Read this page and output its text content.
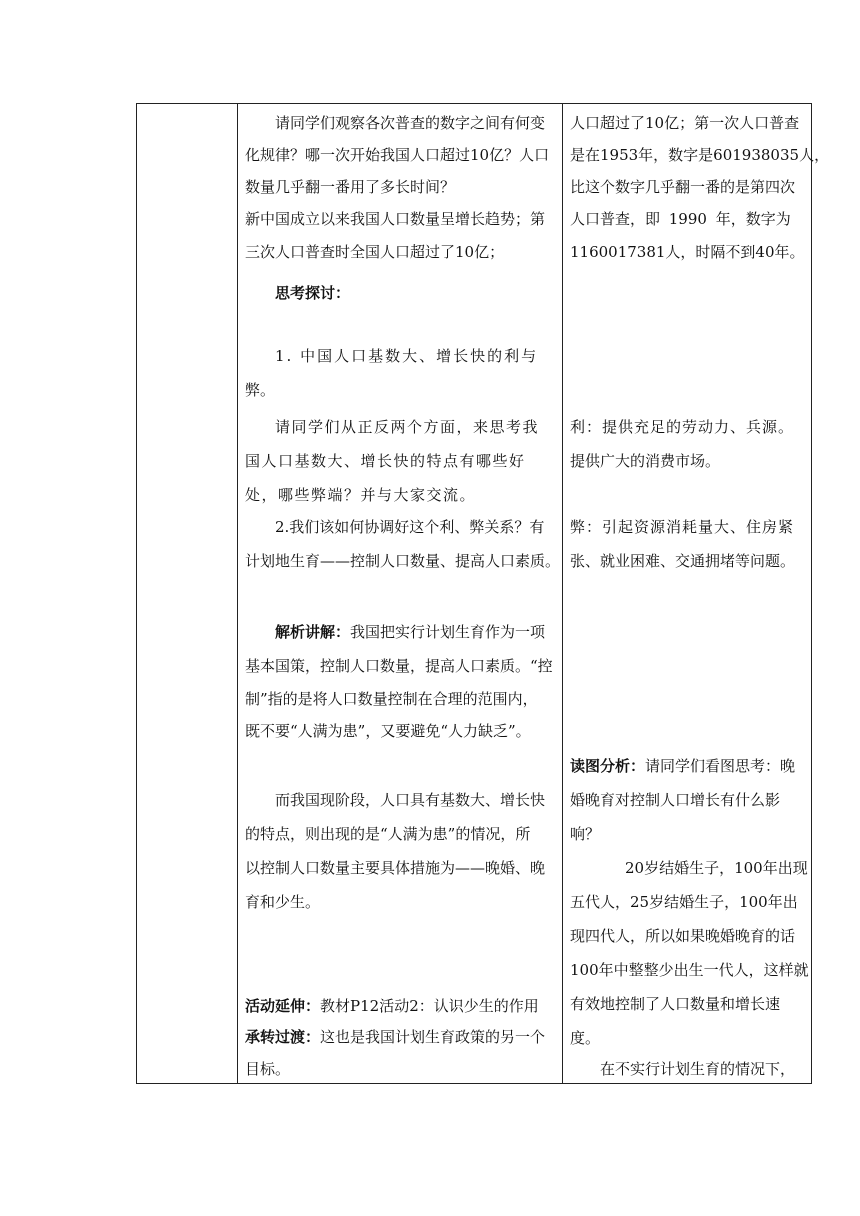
请同学们观察各次普查的数字之间有何变
化规律？哪一次开始我国人口超过10亿？人口
数量几乎翻一番用了多长时间？
新中国成立以来我国人口数量呈增长趋势；第
三次人口普查时全国人口超过了10亿；
思考探讨：
1. 中国人口基数大、增长快的利与
弊。
请同学们从正反两个方面，来思考我
国人口基数大、增长快的特点有哪些好
处，哪些弊端？并与大家交流。
2.我们该如何协调好这个利、弊关系？有
计划地生育——控制人口数量、提高人口素质。
解析讲解：我国把实行计划生育作为一项
基本国策，控制人口数量，提高人口素质。“控
制”指的是将人口数量控制在合理的范围内，
既不要“人满为患”，又要避免“人力缺乏”。
而我国现阶段，人口具有基数大、增长快
的特点，则出现的是“人满为患”的情况，所
以控制人口数量主要具体措施为——晚婚、晚
育和少生。
活动延伸：教材P12活动2：认识少生的作用
承转过渡：这也是我国计划生育政策的另一个
目标。
人口超过了10亿；第一次人口普查
是在1953年，数字是601938035人，
比这个数字几乎翻一番的是第四次
人口普查，即 1990 年，数字为
1160017381人，时隔不到40年。
利：提供充足的劳动力、兵源。
提供广大的消费市场。
弊：引起资源消耗量大、住房紧
张、就业困难、交通拥堵等问题。
读图分析：请同学们看图思考：晚
婚晚育对控制人口增长有什么影
响？
20岁结婚生子，100年出现
五代人，25岁结婚生子，100年出
现四代人，所以如果晚婚晚育的话
100年中整整少出生一代人，这样就
有效地控制了人口数量和增长速
度。
在不实行计划生育的情况下，
